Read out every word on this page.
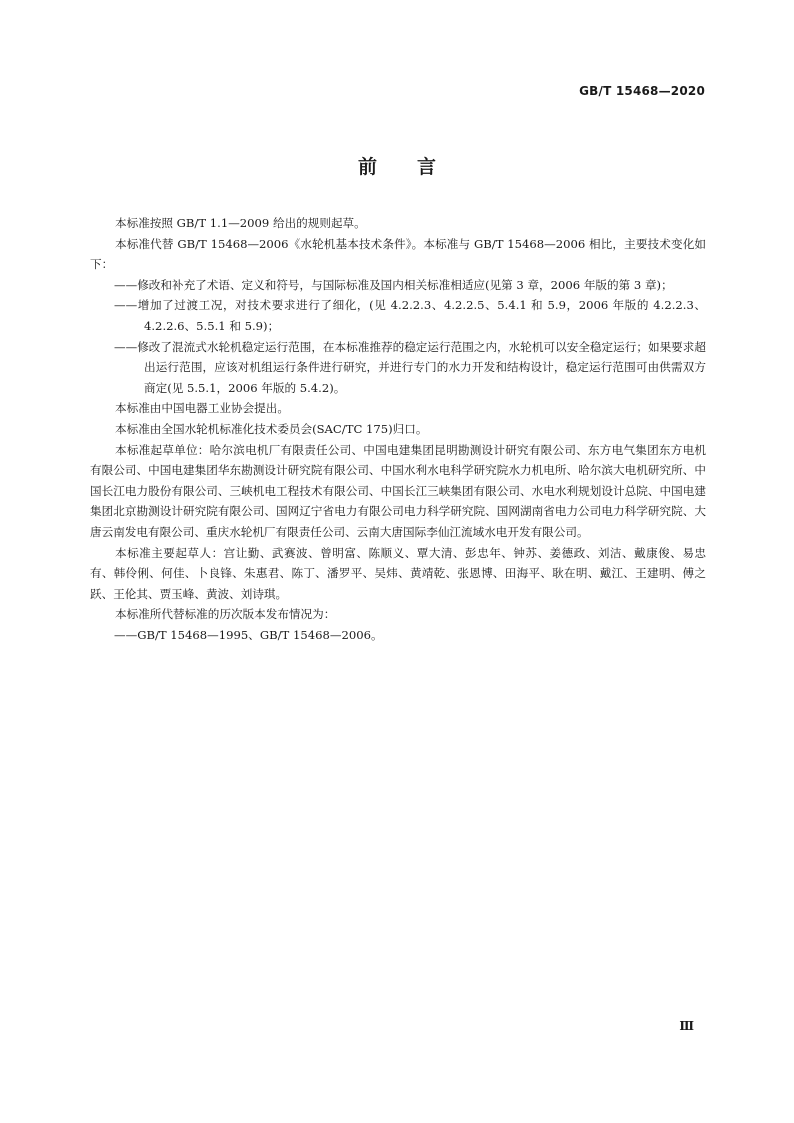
GB/T 15468—2020
前言

本标准按照 GB/T 1.1—2009 给出的规则起草。

本标准代替 GB/T 15468—2006《水轮机基本技术条件》。本标准与 GB/T 15468—2006 相比，主要技术变化如下：

——修改和补充了术语、定义和符号，与国际标准及国内相关标准相适应(见第 3 章，2006 年版的第 3 章)；

——增加了过渡工况，对技术要求进行了细化，(见 4.2.2.3、4.2.2.5、5.4.1 和 5.9，2006 年版的 4.2.2.3、4.2.2.6、5.5.1 和 5.9)；

——修改了混流式水轮机稳定运行范围，在本标准推荐的稳定运行范围之内，水轮机可以安全稳定运行；如果要求超出运行范围，应该对机组运行条件进行研究，并进行专门的水力开发和结构设计，稳定运行范围可由供需双方商定(见 5.5.1，2006 年版的 5.4.2)。

本标准由中国电器工业协会提出。

本标准由全国水轮机标准化技术委员会(SAC/TC 175)归口。

本标准起草单位：哈尔滨电机厂有限责任公司、中国电建集团昆明勘测设计研究有限公司、东方电气集团东方电机有限公司、中国电建集团华东勘测设计研究院有限公司、中国水利水电科学研究院水力机电所、哈尔滨大电机研究所、中国长江电力股份有限公司、三峡机电工程技术有限公司、中国长江三峡集团有限公司、水电水利规划设计总院、中国电建集团北京勘测设计研究院有限公司、国网辽宁省电力有限公司电力科学研究院、国网湖南省电力公司电力科学研究院、大唐云南发电有限公司、重庆水轮机厂有限责任公司、云南大唐国际李仙江流域水电开发有限公司。

本标准主要起草人：宫让勤、武赛波、曾明富、陈顺义、覃大清、彭忠年、钟苏、姜德政、刘洁、戴康俊、易忠有、韩伶俐、何佳、卜良锋、朱惠君、陈丁、潘罗平、吴炜、黄靖乾、张恩博、田海平、耿在明、戴江、王建明、傅之跃、王伦其、贾玉峰、黄波、刘诗琪。

本标准所代替标准的历次版本发布情况为：

——GB/T 15468—1995、GB/T 15468—2006。

Ⅲ
